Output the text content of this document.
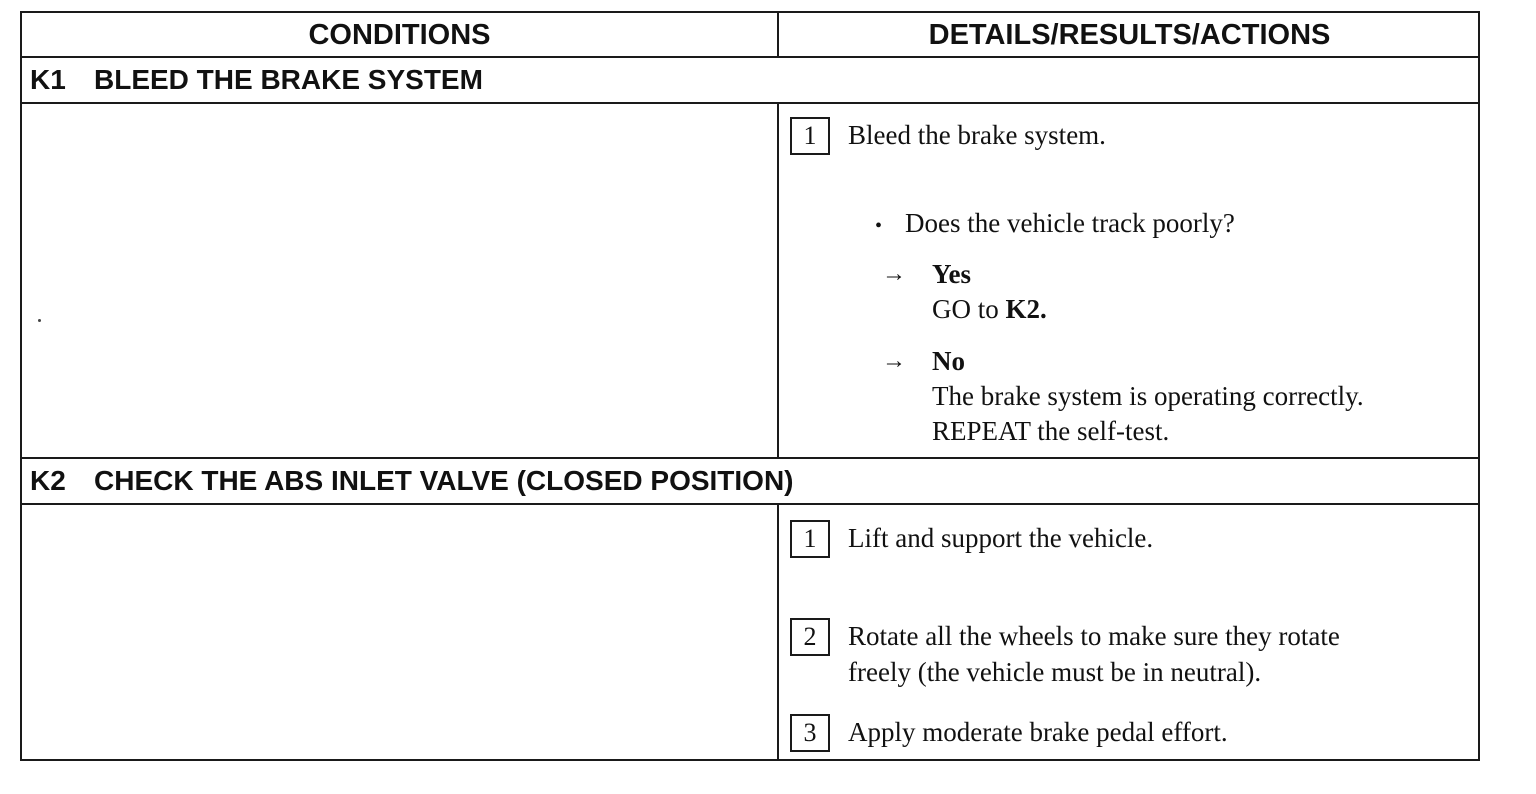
CONDITIONS	DETAILS/RESULTS/ACTIONS
K1	BLEED THE BRAKE SYSTEM
1	Bleed the brake system.
• Does the vehicle track poorly?
→ Yes
GO to K2.
→ No
The brake system is operating correctly.
REPEAT the self-test.
K2	CHECK THE ABS INLET VALVE (CLOSED POSITION)
1	Lift and support the vehicle.
2	Rotate all the wheels to make sure they rotate
freely (the vehicle must be in neutral).
3	Apply moderate brake pedal effort.
